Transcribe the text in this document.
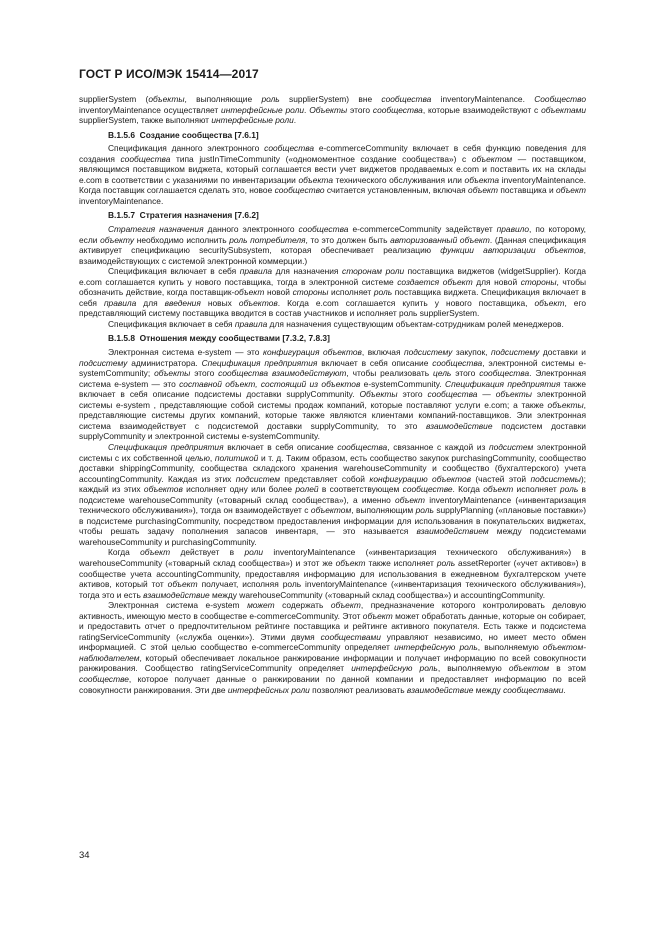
ГОСТ Р ИСО/МЭК 15414—2017

supplierSystem (объекты, выполняющие роль supplierSystem) вне сообщества inventoryMaintenance. Сообщество inventoryMaintenance осуществляет интерфейсные роли. Объекты этого сообщества, которые взаимодействуют с объектами supplierSystem, также выполняют интерфейсные роли.

В.1.5.6  Создание сообщества [7.6.1]

Спецификация данного электронного сообщества e-commerceCommunity включает в себя функцию поведения для создания сообщества типа justInTimeCommunity («одномоментное создание сообщества») с объектом — поставщиком, являющимся поставщиком виджета, который соглашается вести учет виджетов продаваемых e.com и поставить их на склады e.com в соответствии с указаниями по инвентаризации объекта технического обслуживания или объекта inventoryMaintenance. Когда поставщик соглашается сделать это, новое сообщество считается установленным, включая объект поставщика и объект inventoryMaintenance.

В.1.5.7  Стратегия назначения [7.6.2]

Стратегия назначения данного электронного сообщества e-commerceCommunity задействует правило, по которому, если объекту необходимо исполнить роль потребителя, то это должен быть авторизованный объект. (Данная спецификация активирует спецификацию securitySubsystem, которая обеспечивает реализацию функции авторизации объектов, взаимодействующих с системой электронной коммерции.)

Спецификация включает в себя правила для назначения сторонам роли поставщика виджетов (widgetSupplier). Когда e.com соглашается купить у нового поставщика, тогда в электронной системе создается объект для новой стороны, чтобы обозначить действие, когда поставщик-объект новой стороны исполняет роль поставщика виджета. Спецификация включает в себя правила для введения новых объектов. Когда e.com соглашается купить у нового поставщика, объект, его представляющий систему поставщика вводится в состав участников и исполняет роль supplierSystem.

Спецификация включает в себя правила для назначения существующим объектам-сотрудникам ролей менеджеров.

В.1.5.8  Отношения между сообществами [7.3.2, 7.8.3]

Электронная система e-system — это конфигурация объектов, включая подсистему закупок, подсистему доставки и подсистему администратора. Спецификация предприятия включает в себя описание сообщества, электронной системы e-systemCommunity; объекты этого сообщества взаимодействуют, чтобы реализовать цель этого сообщества. Электронная система e-system — это составной объект, состоящий из объектов e-systemCommunity. Спецификация предприятия также включает в себя описание подсистемы доставки supplyCommunity. Объекты этого сообщества — объекты электронной системы e-system , представляющие собой системы продаж компаний, которые поставляют услуги e.com; а также объекты, представляющие системы других компаний, которые также являются клиентами компаний-поставщиков. Эли электронная система взаимодействует с подсистемой доставки supplyCommunity, то это взаимодействие подсистем доставки supplyCommunity и электронной системы e-systemCommunity.

Спецификация предприятия включает в себя описание сообщества, связанное с каждой из подсистем электронной системы с их собственной целью, политикой и т. д. Таким образом, есть сообщество закупок purchasingCommunity, сообщество доставки shippingCommunity, сообщества складского хранения warehouseCommunity и сообщество (бухгалтерского) учета accountingCommunity. Каждая из этих подсистем представляет собой конфигурацию объектов (частей этой подсистемы); каждый из этих объектов исполняет одну или более ролей в соответствующем сообществе. Когда объект исполняет роль в подсистеме warehouseCommunity («товарный склад сообщества»), а именно объект inventoryMaintenance («инвентаризация технического обслуживания»), тогда он взаимодействует с объектом, выполняющим роль supplyPlanning («плановые поставки») в подсистеме purchasingCommunity, посредством предоставления информации для использования в покупательских виджетах, чтобы решать задачу пополнения запасов инвентаря, — это называется взаимодействием между подсистемами warehouseCommunity и purchasingCommunity.

Когда объект действует в роли inventoryMaintenance («инвентаризация технического обслуживания») в warehouseCommunity («товарный склад сообщества») и этот же объект также исполняет роль assetReporter («учет активов») в сообществе учета accountingCommunity, предоставляя информацию для использования в ежедневном бухгалтерском учете активов, который тот объект получает, исполняя роль inventoryMaintenance («инвентаризация технического обслуживания»), тогда это и есть взаимодействие между warehouseCommunity («товарный склад сообщества») и accountingCommunity.

Электронная система e-system может содержать объект, предназначение которого контролировать деловую активность, имеющую место в сообществе e-commerceCommunity. Этот объект может обработать данные, которые он собирает, и предоставить отчет о предпочтительном рейтинге поставщика и рейтинге активного покупателя. Есть также и подсистема ratingServiceCommunity («служба оценки»). Этими двумя сообществами управляют независимо, но имеет место обмен информацией. С этой целью сообщество e-commerceCommunity определяет интерфейсную роль, выполняемую объектом-наблюдателем, который обеспечивает локальное ранжирование информации и получает информацию по всей совокупности ранжирования. Сообщество ratingServiceCommunity определяет интерфейсную роль, выполняемую объектом в этом сообществе, которое получает данные о ранжировании по данной компании и предоставляет информацию по всей совокупности ранжирования. Эти две интерфейсных роли позволяют реализовать взаимодействие между сообществами.

34
